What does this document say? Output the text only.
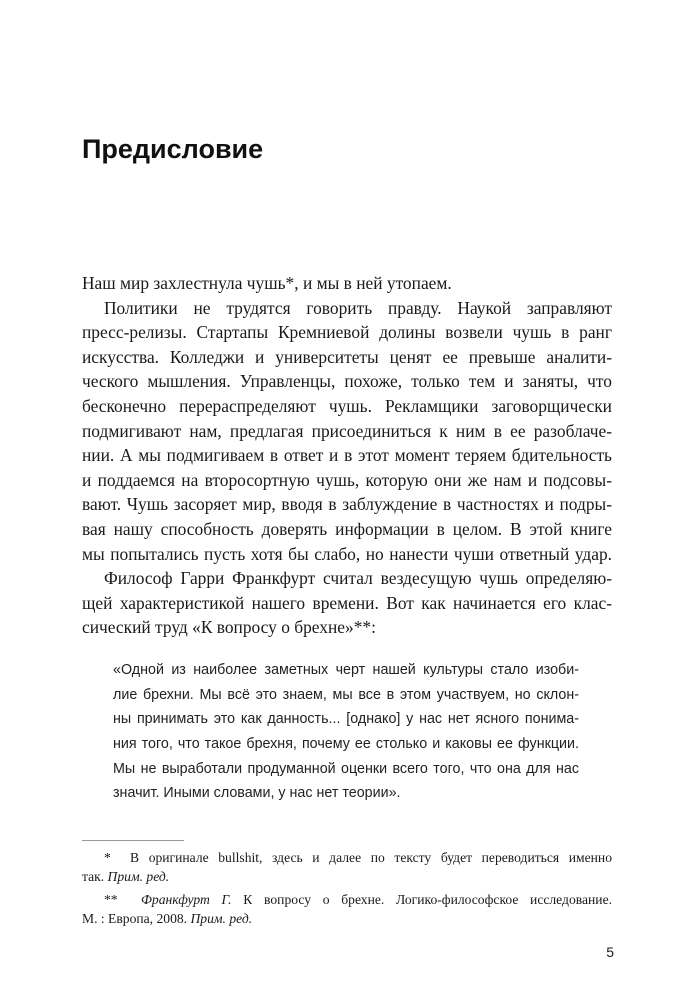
Предисловие
Наш мир захлестнула чушь*, и мы в ней утопаем.
Политики не трудятся говорить правду. Наукой заправляют
пресс-релизы. Стартапы Кремниевой долины возвели чушь в ранг
искусства. Колледжи и университеты ценят ее превыше аналити-
ческого мышления. Управленцы, похоже, только тем и заняты, что
бесконечно перераспределяют чушь. Рекламщики заговорщически
подмигивают нам, предлагая присоединиться к ним в ее разоблачe-
нии. А мы подмигиваем в ответ и в этот момент теряем бдительность
и поддаемся на второсортную чушь, которую они же нам и подсовы-
вают. Чушь засоряет мир, вводя в заблуждение в частностях и подры-
вая нашу способность доверять информации в целом. В этой книге
мы попытались пусть хотя бы слабо, но нанести чуши ответный удар.
Философ Гарри Франкфурт считал вездесущую чушь определяю-
щей характеристикой нашего времени. Вот как начинается его клас-
сический труд «К вопросу о брехне»**:
«Одной из наиболее заметных черт нашей культуры стало изоби-
лие брехни. Мы всё это знаем, мы все в этом участвуем, но склон-
ны принимать это как данность... [однако] у нас нет ясного понима-
ния того, что такое брехня, почему ее столько и каковы ее функции.
Мы не выработали продуманной оценки всего того, что она для нас
значит. Иными словами, у нас нет теории».
* В оригинале bullshit, здесь и далее по тексту будет переводиться именно
так. Прим. ред.
** Франкфурт Г. К вопросу о брехне. Логико-философское исследование.
М. : Европа, 2008. Прим. ред.
5
